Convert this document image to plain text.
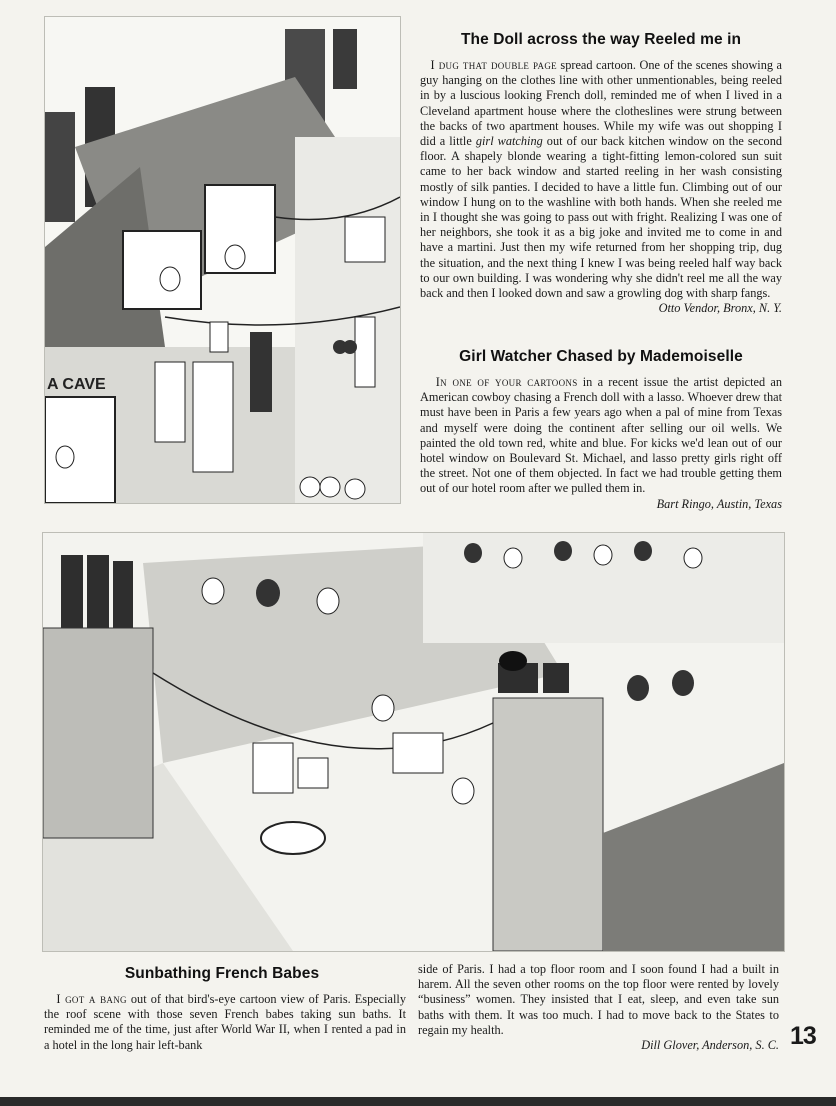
A CAVE
The Doll across the way Reeled me in

I dug that double page spread cartoon. One of the scenes showing a guy hanging on the clothes line with other unmentionables, being reeled in by a luscious looking French doll, reminded me of when I lived in a Cleveland apartment house where the clotheslines were strung between the backs of two apartment houses. While my wife was out shopping I did a little girl watching out of our back kitchen window on the second floor. A shapely blonde wearing a tight-fitting lemon-colored sun suit came to her back window and started reeling in her wash consisting mostly of silk panties. I decided to have a little fun. Climbing out of our window I hung on to the washline with both hands. When she reeled me in I thought she was going to pass out with fright. Realizing I was one of her neighbors, she took it as a big joke and invited me to come in and have a martini. Just then my wife returned from her shopping trip, dug the situation, and the next thing I knew I was being reeled half way back to our own building. I was wondering why she didn't reel me all the way back and then I looked down and saw a growling dog with sharp fangs.

Otto Vendor, Bronx, N. Y.

Girl Watcher Chased by Mademoiselle

In one of your cartoons in a recent issue the artist depicted an American cowboy chasing a French doll with a lasso. Whoever drew that must have been in Paris a few years ago when a pal of mine from Texas and myself were doing the continent after selling our oil wells. We painted the old town red, white and blue. For kicks we'd lean out of our hotel window on Boulevard St. Michael, and lasso pretty girls right off the street. Not one of them objected. In fact we had trouble getting them out of our hotel room after we pulled them in.

Bart Ringo, Austin, Texas

Sunbathing French Babes

I got a bang out of that bird's-eye cartoon view of Paris. Especially the roof scene with those seven French babes taking sun baths. It reminded me of the time, just after World War II, when I rented a pad in a hotel in the long hair left-bank

side of Paris. I had a top floor room and I soon found I had a built in harem. All the seven other rooms on the top floor were rented by lovely “business” women. They insisted that I eat, sleep, and even take sun baths with them. It was too much. I had to move back to the States to regain my health.

Dill Glover, Anderson, S. C. 13
